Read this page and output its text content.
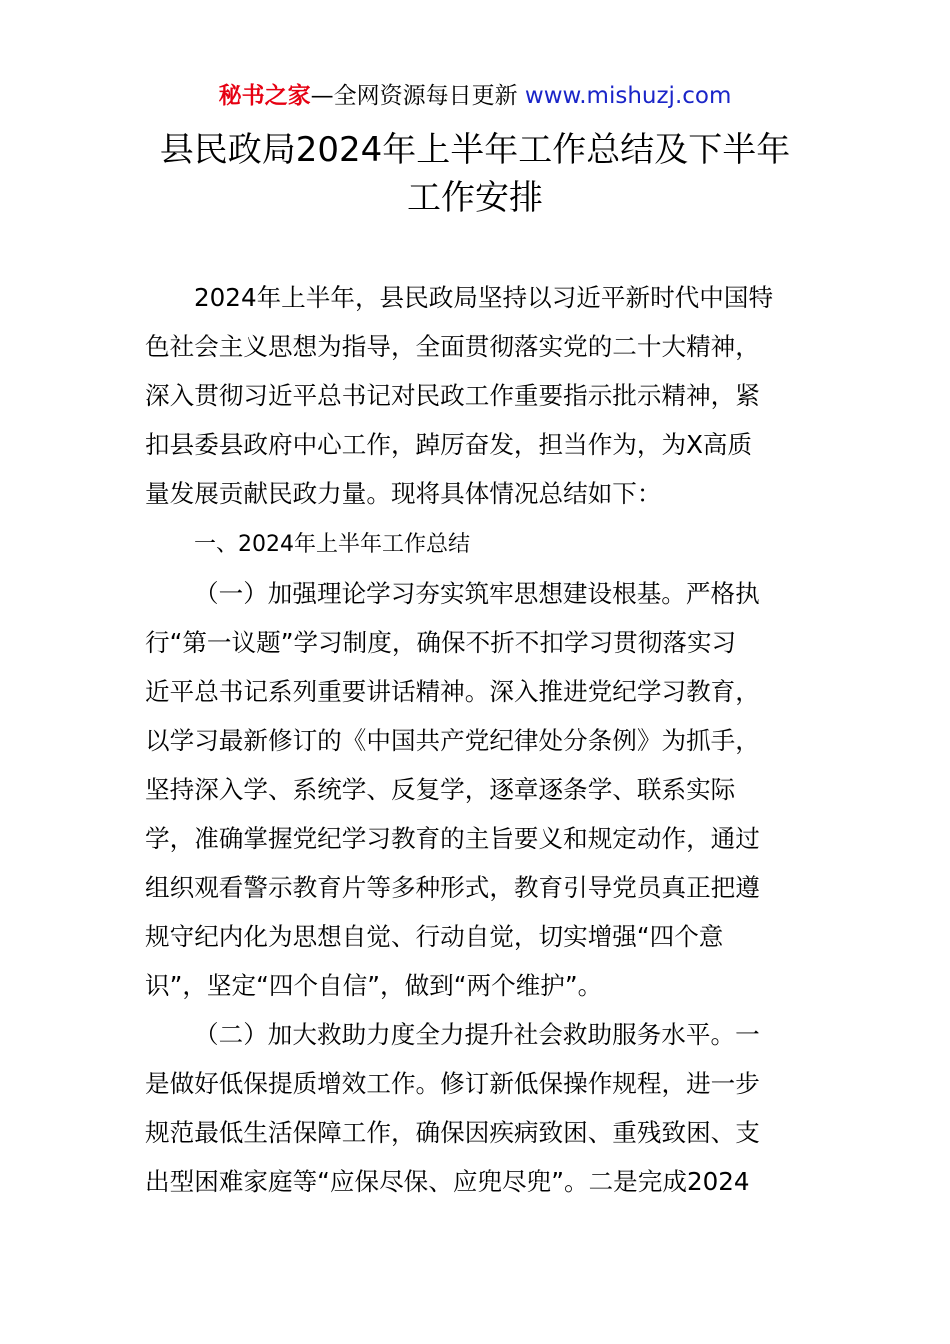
秘书之家—全网资源每日更新 www.mishuzj.com
县民政局2024年上半年工作总结及下半年
工作安排
2024年上半年，县民政局坚持以习近平新时代中国特
色社会主义思想为指导，全面贯彻落实党的二十大精神，
深入贯彻习近平总书记对民政工作重要指示批示精神，紧
扣县委县政府中心工作，踔厉奋发，担当作为，为X高质
量发展贡献民政力量。现将具体情况总结如下：
一、2024年上半年工作总结
（一）加强理论学习夯实筑牢思想建设根基。严格执
行“第一议题”学习制度，确保不折不扣学习贯彻落实习
近平总书记系列重要讲话精神。深入推进党纪学习教育，
以学习最新修订的《中国共产党纪律处分条例》为抓手，
坚持深入学、系统学、反复学，逐章逐条学、联系实际
学，准确掌握党纪学习教育的主旨要义和规定动作，通过
组织观看警示教育片等多种形式，教育引导党员真正把遵
规守纪内化为思想自觉、行动自觉，切实增强“四个意
识”，坚定“四个自信”，做到“两个维护”。
（二）加大救助力度全力提升社会救助服务水平。一
是做好低保提质增效工作。修订新低保操作规程，进一步
规范最低生活保障工作，确保因疾病致困、重残致困、支
出型困难家庭等“应保尽保、应兜尽兜”。二是完成2024
